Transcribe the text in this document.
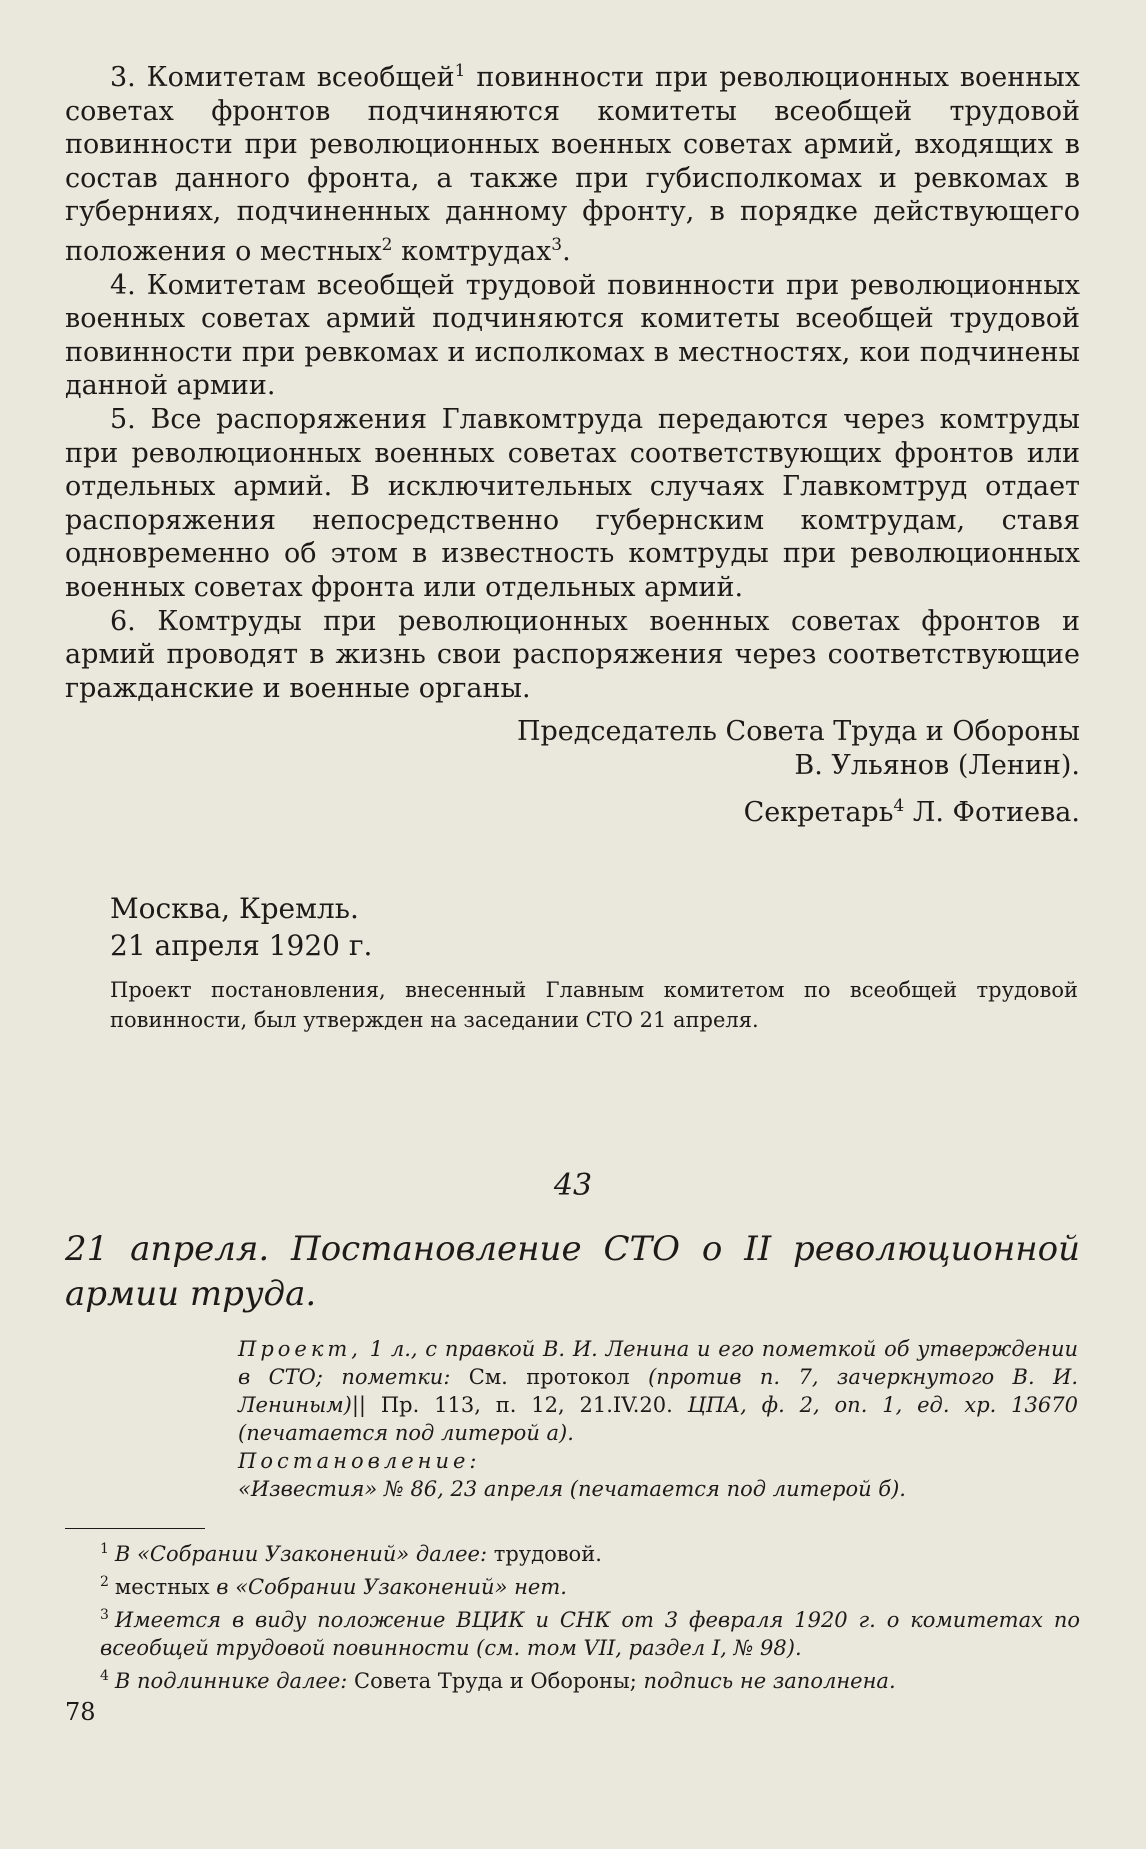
3. Комитетам всеобщей$^1$ повинности при революционных военных советах фронтов подчиняются комитеты всеобщей трудовой повинности при революционных военных советах армий, входящих в состав данного фронта, а также при губисполкомах и ревкомах в губерниях, подчиненных данному фронту, в порядке действующего положения о местных$^2$ комтрудах$^3$.

4. Комитетам всеобщей трудовой повинности при революционных военных советах армий подчиняются комитеты всеобщей трудовой повинности при ревкомах и исполкомах в местностях, кои подчинены данной армии.

5. Все распоряжения Главкомтруда передаются через комтруды при революционных военных советах соответствующих фронтов или отдельных армий. В исключительных случаях Главкомтруд отдает распоряжения непосредственно губернским комтрудам, ставя одновременно об этом в известность комтруды при революционных военных советах фронта или отдельных армий.

6. Комтруды при революционных военных советах фронтов и армий проводят в жизнь свои распоряжения через соответствующие гражданские и военные органы.

Председатель Совета Труда и Обороны

В. Ульянов (Ленин).

Секретарь$^4$ Л. Фотиева.

Москва, Кремль.
21 апреля 1920 г.
Проект постановления, внесенный Главным комитетом по всеобщей трудовой повинности, был утвержден на заседании СТО 21 апреля.
43
21 апреля. Постановление СТО о II революционной армии труда.

Проект, 1 л., с правкой В. И. Ленина и его пометкой об утверждении в СТО; пометки: См. протокол (против п. 7, зачеркнутого В. И. Лениным)|| Пр. 113, п. 12, 21.IV.20. ЦПА, ф. 2, оп. 1, ед. хр. 13670 (печатается под литерой а).

Постановление:

«Известия» № 86, 23 апреля (печатается под литерой б).

$^1$ В «Собрании Узаконений» далее: трудовой.

$^2$ местных в «Собрании Узаконений» нет.

$^3$ Имеется в виду положение ВЦИК и СНК от 3 февраля 1920 г. о комитетах по всеобщей трудовой повинности (см. том VII, раздел I, № 98).

$^4$ В подлиннике далее: Совета Труда и Обороны; подпись не заполнена.

78
